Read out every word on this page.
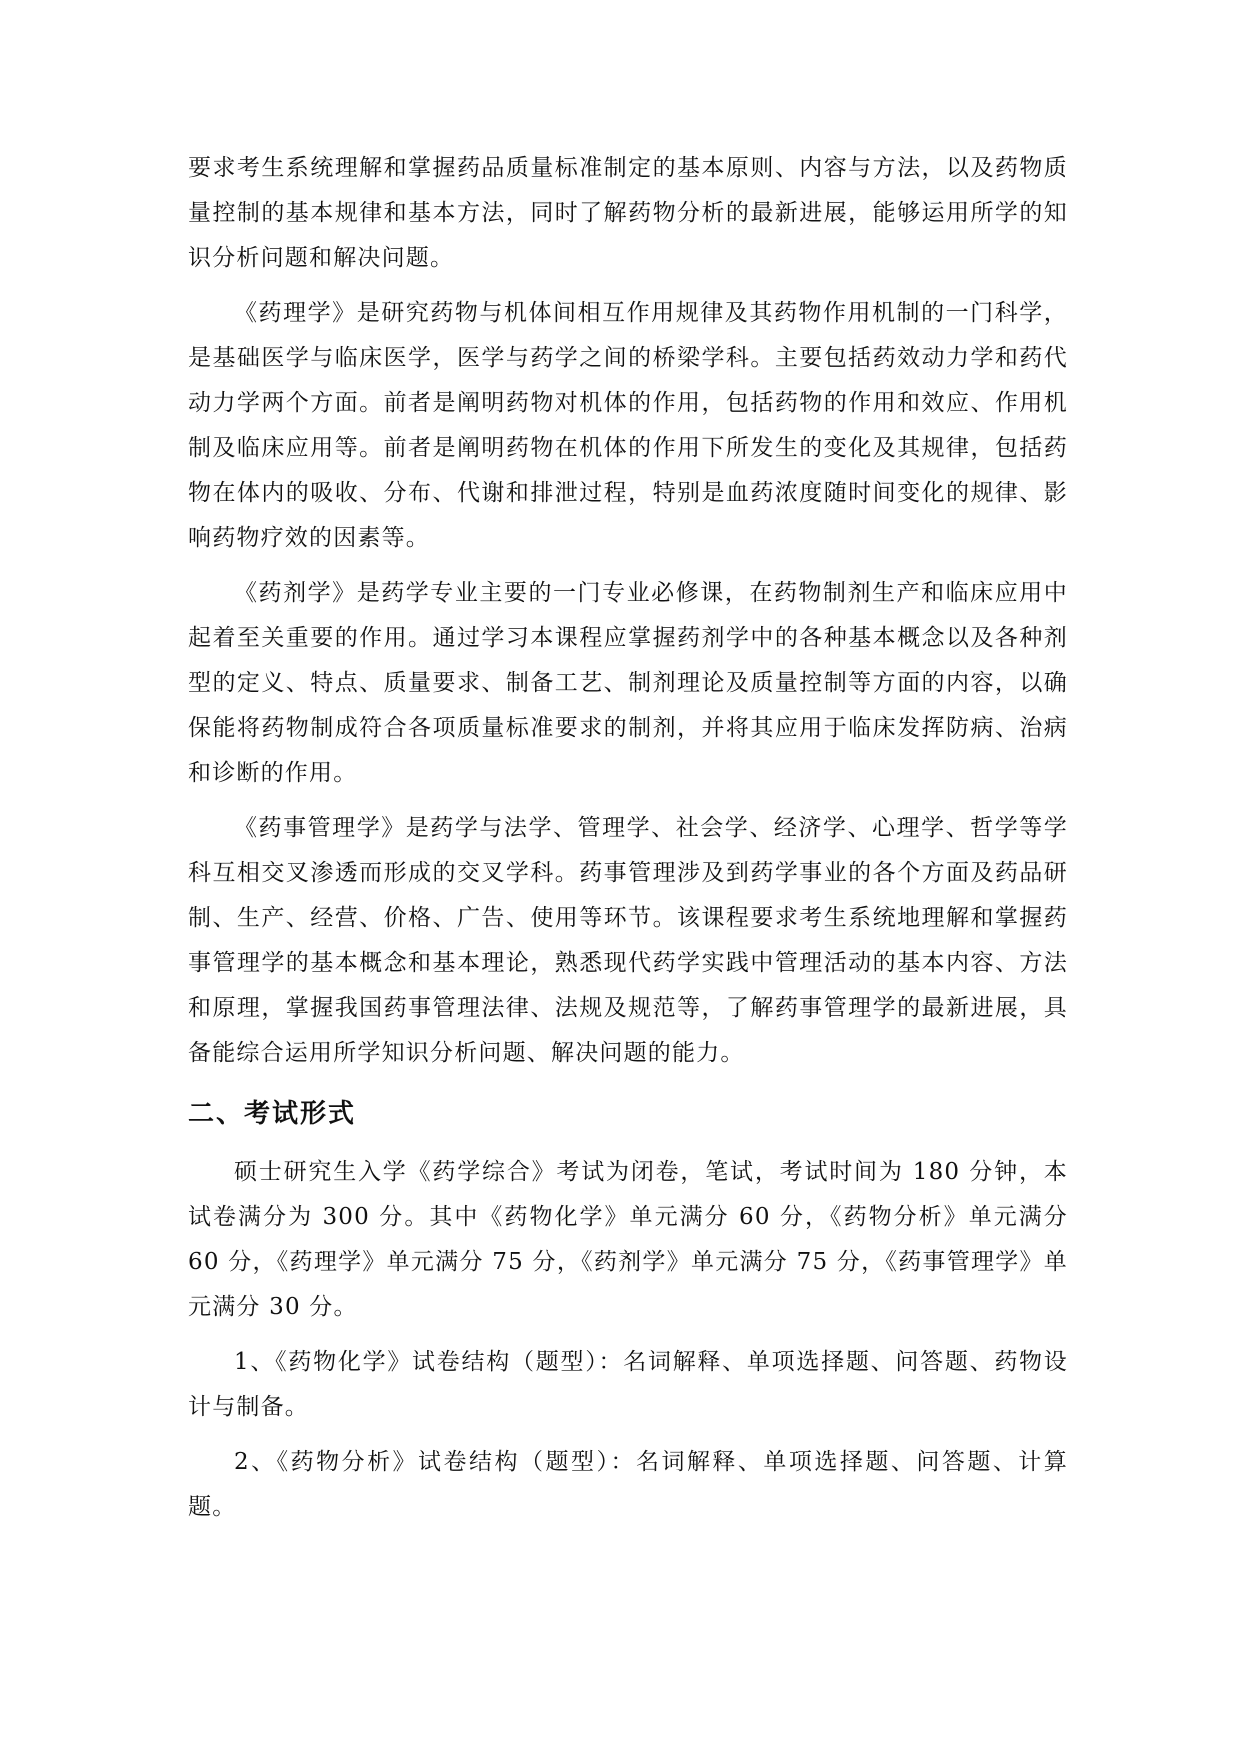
要求考生系统理解和掌握药品质量标准制定的基本原则、内容与方法，以及药物质量控制的基本规律和基本方法，同时了解药物分析的最新进展，能够运用所学的知识分析问题和解决问题。

《药理学》是研究药物与机体间相互作用规律及其药物作用机制的一门科学，是基础医学与临床医学，医学与药学之间的桥梁学科。主要包括药效动力学和药代动力学两个方面。前者是阐明药物对机体的作用，包括药物的作用和效应、作用机制及临床应用等。前者是阐明药物在机体的作用下所发生的变化及其规律，包括药物在体内的吸收、分布、代谢和排泄过程，特别是血药浓度随时间变化的规律、影响药物疗效的因素等。

《药剂学》是药学专业主要的一门专业必修课，在药物制剂生产和临床应用中起着至关重要的作用。通过学习本课程应掌握药剂学中的各种基本概念以及各种剂型的定义、特点、质量要求、制备工艺、制剂理论及质量控制等方面的内容，以确保能将药物制成符合各项质量标准要求的制剂，并将其应用于临床发挥防病、治病和诊断的作用。

《药事管理学》是药学与法学、管理学、社会学、经济学、心理学、哲学等学科互相交叉渗透而形成的交叉学科。药事管理涉及到药学事业的各个方面及药品研制、生产、经营、价格、广告、使用等环节。该课程要求考生系统地理解和掌握药事管理学的基本概念和基本理论，熟悉现代药学实践中管理活动的基本内容、方法和原理，掌握我国药事管理法律、法规及规范等，了解药事管理学的最新进展，具备能综合运用所学知识分析问题、解决问题的能力。

二、考试形式

硕士研究生入学《药学综合》考试为闭卷，笔试，考试时间为 180 分钟，本试卷满分为 300 分。其中《药物化学》单元满分 60 分，《药物分析》单元满分 60 分，《药理学》单元满分 75 分，《药剂学》单元满分 75 分，《药事管理学》单元满分 30 分。

1、《药物化学》试卷结构（题型）：名词解释、单项选择题、问答题、药物设计与制备。

2、《药物分析》试卷结构（题型）：名词解释、单项选择题、问答题、计算题。
